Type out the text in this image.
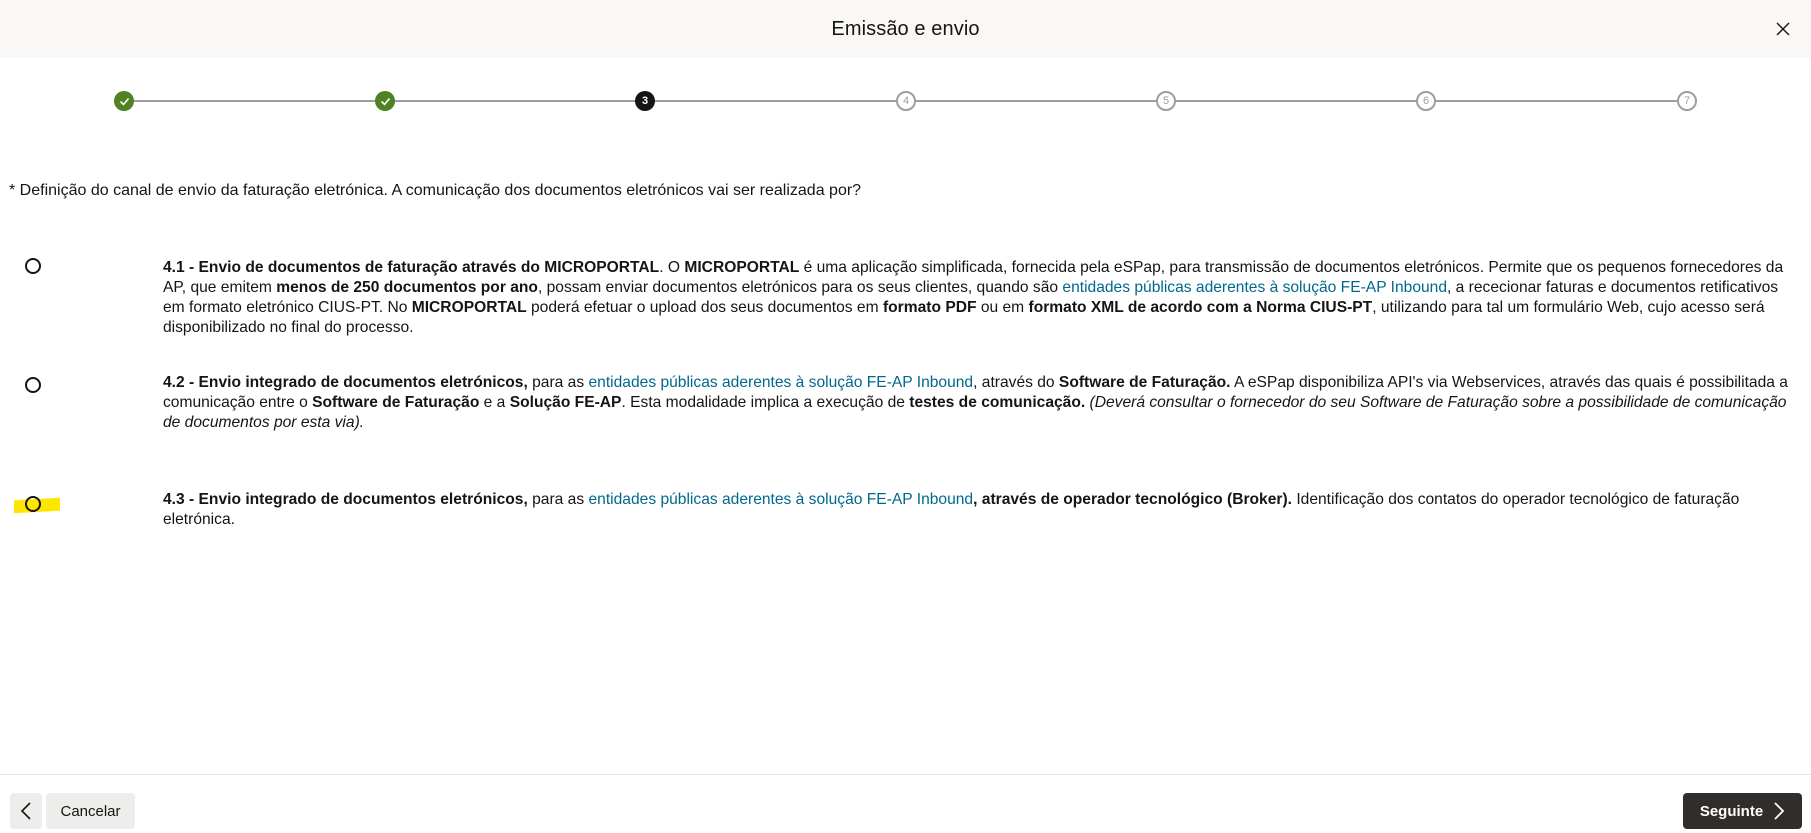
Emissão e envio
3	4	5	6	7
* Definição do canal de envio da faturação eletrónica. A comunicação dos documentos eletrónicos vai ser realizada por?
4.1 - Envio de documentos de faturação através do MICROPORTAL. O MICROPORTAL é uma aplicação simplificada, fornecida pela eSPap, para transmissão de documentos eletrónicos. Permite que os pequenos fornecedores da AP, que emitem menos de 250 documentos por ano, possam enviar documentos eletrónicos para os seus clientes, quando são entidades públicas aderentes à solução FE-AP Inbound, a rececionar faturas e documentos retificativos em formato eletrónico CIUS-PT. No MICROPORTAL poderá efetuar o upload dos seus documentos em formato PDF ou em formato XML de acordo com a Norma CIUS-PT, utilizando para tal um formulário Web, cujo acesso será disponibilizado no final do processo.
4.2 - Envio integrado de documentos eletrónicos, para as entidades públicas aderentes à solução FE-AP Inbound, através do Software de Faturação. A eSPap disponibiliza API's via Webservices, através das quais é possibilitada a comunicação entre o Software de Faturação e a Solução FE-AP. Esta modalidade implica a execução de testes de comunicação. (Deverá consultar o fornecedor do seu Software de Faturação sobre a possibilidade de comunicação de documentos por esta via).
4.3 - Envio integrado de documentos eletrónicos, para as entidades públicas aderentes à solução FE-AP Inbound, através de operador tecnológico (Broker). Identificação dos contatos do operador tecnológico de faturação eletrónica.
Cancelar	Seguinte
